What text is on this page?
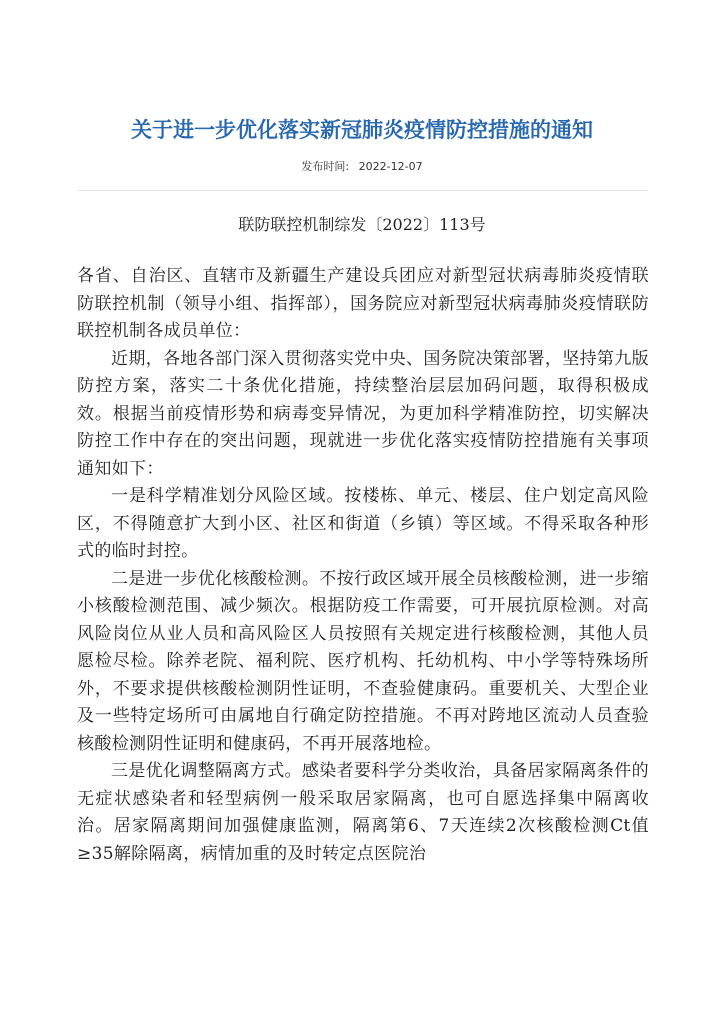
关于进一步优化落实新冠肺炎疫情防控措施的通知
发布时间: 2022-12-07
联防联控机制综发〔2022〕113号

各省、自治区、直辖市及新疆生产建设兵团应对新型冠状病毒肺炎疫情联防联控机制（领导小组、指挥部），国务院应对新型冠状病毒肺炎疫情联防联控机制各成员单位：

近期，各地各部门深入贯彻落实党中央、国务院决策部署，坚持第九版防控方案，落实二十条优化措施，持续整治层层加码问题，取得积极成效。根据当前疫情形势和病毒变异情况，为更加科学精准防控，切实解决防控工作中存在的突出问题，现就进一步优化落实疫情防控措施有关事项通知如下：

一是科学精准划分风险区域。按楼栋、单元、楼层、住户划定高风险区，不得随意扩大到小区、社区和街道（乡镇）等区域。不得采取各种形式的临时封控。

二是进一步优化核酸检测。不按行政区域开展全员核酸检测，进一步缩小核酸检测范围、减少频次。根据防疫工作需要，可开展抗原检测。对高风险岗位从业人员和高风险区人员按照有关规定进行核酸检测，其他人员愿检尽检。除养老院、福利院、医疗机构、托幼机构、中小学等特殊场所外，不要求提供核酸检测阴性证明，不查验健康码。重要机关、大型企业及一些特定场所可由属地自行确定防控措施。不再对跨地区流动人员查验核酸检测阴性证明和健康码，不再开展落地检。

三是优化调整隔离方式。感染者要科学分类收治，具备居家隔离条件的无症状感染者和轻型病例一般采取居家隔离，也可自愿选择集中隔离收治。居家隔离期间加强健康监测，隔离第6、7天连续2次核酸检测Ct值≥35解除隔离，病情加重的及时转定点医院治
